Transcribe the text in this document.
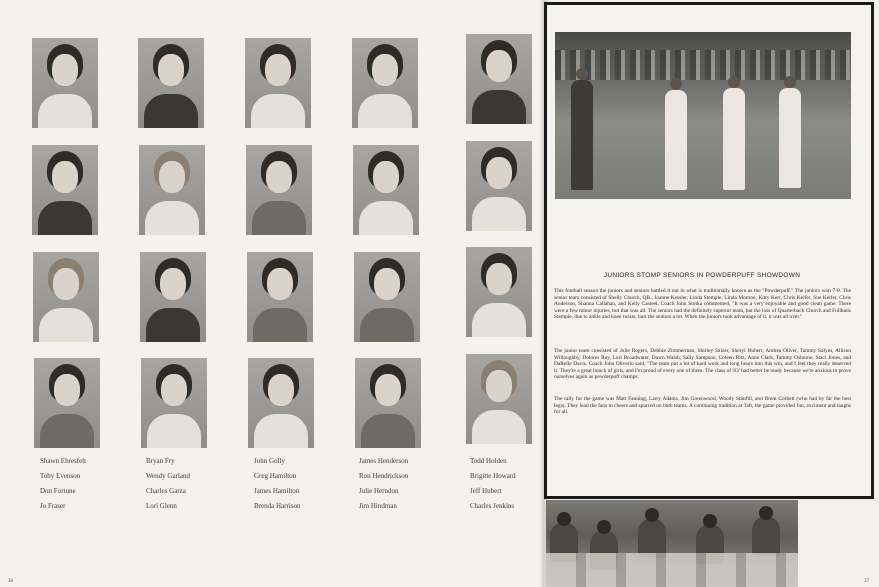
Shawn Ehresfelt
Toby Evenson
Don Fortune
Jo Fraser
Bryan Fry
Wendy Garland
Charles Garza
Lori Glenn
John Golly
Greg Hamilton
James Hamilton
Brenda Harrison
James Henderson
Ron Hendrickson
Julie Herndon
Jim Hindman
Todd Holden
Brigitte Howard
Jeff Hubert
Charles Jenkins
36	37
JUNIORS STOMP SENIORS IN POWDERPUFF SHOWDOWN
This football season the juniors and seniors battled it out in what is traditionally known as the "Powderpuff." The juniors won 7-0. The senior team consisted of Shelly Church, QB., Joanne Kessler, Linda Stemple, Linda Monroe, Kitty Kerr, Chris Keifer, Sue Keifer, Chris Anderson, Shanna Callahan, and Kelly Casteel. Coach John Stotka commented, "It was a very enjoyable and good clean game. There were a few minor injuries, but that was all. The seniors had the definitely superior team, but the loss of Quarterback Church and Fullback Stemple, due to ankle and knee twists, hurt the seniors a lot. When the juniors took advantage of it, it was all over."
The junior team consisted of Julie Rogers, Debbie Zimmerman, Shirley Salzer, Sheryl Hubert, Andrea Oliver, Tammy Salyes, Allison Willoughby, Dolores Ray, Lori Broadwater, Dawn Walsh, Sally Sampson, Coleen Ritz, Anne Clark, Tammy Osborne, Staci Jones, and DaRelle Davis. Coach John Oliverio said, "The team put a lot of hard work and long hours into this win, and I feel they really deserved it. They're a great bunch of girls, and I'm proud of every one of them. The class of '83' had better be ready because we're anxious to prove ourselves again as powderpuff champs.
The rally for the game was Matt Fanning, Larry Adams, Jim Greenwood, Woody Stanfill, and Brent Corbett (who had by far the best legs). They lead the fans in cheers and spurred on both teams. A continuing tradition at Taft, the game provided fun, exciment and laughs for all.
